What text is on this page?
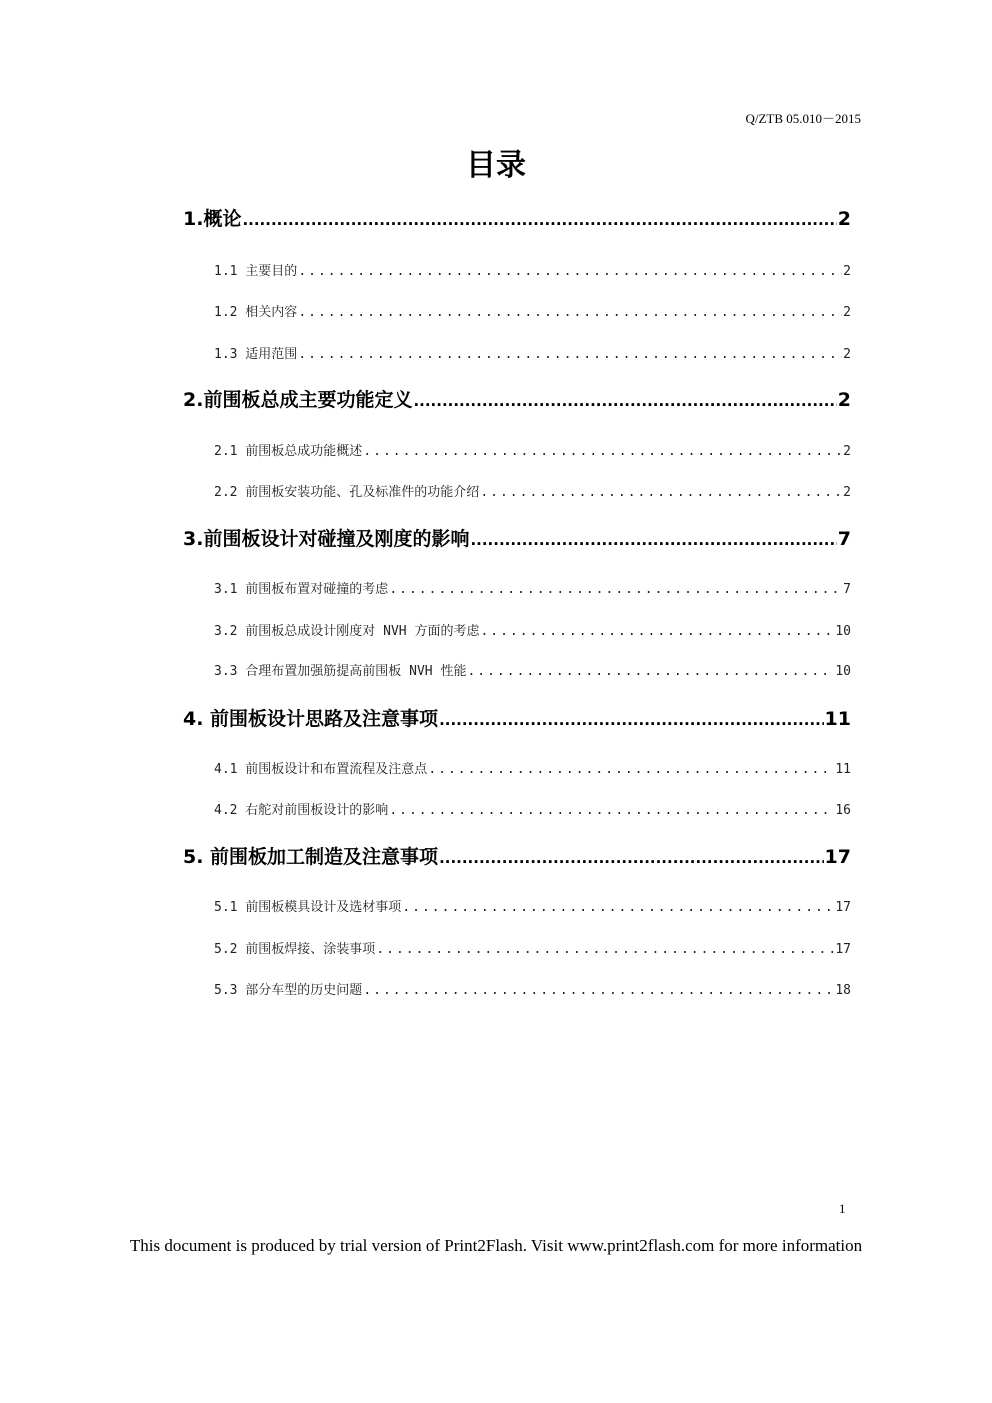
Q/ZTB 05.010－2015
目录
1.概论 .....	2
1.1 主要目的 .....	2
1.2 相关内容 .....	2
1.3 适用范围 .....	2
2.前围板总成主要功能定义 .....	2
2.1 前围板总成功能概述 .....	2
2.2 前围板安装功能、孔及标准件的功能介绍 .....	2
3.前围板设计对碰撞及刚度的影响 .....	7
3.1 前围板布置对碰撞的考虑 .....	7
3.2 前围板总成设计刚度对 NVH 方面的考虑 .....	10
3.3 合理布置加强筋提高前围板 NVH 性能 .....	10
4. 前围板设计思路及注意事项 .....	11
4.1 前围板设计和布置流程及注意点 .....	11
4.2 右舵对前围板设计的影响 .....	16
5. 前围板加工制造及注意事项 .....	17
5.1 前围板模具设计及选材事项 .....	17
5.2 前围板焊接、涂装事项 .....	17
5.3 部分车型的历史问题 .....	18
1
This document is produced by trial version of Print2Flash. Visit www.print2flash.com for more information
